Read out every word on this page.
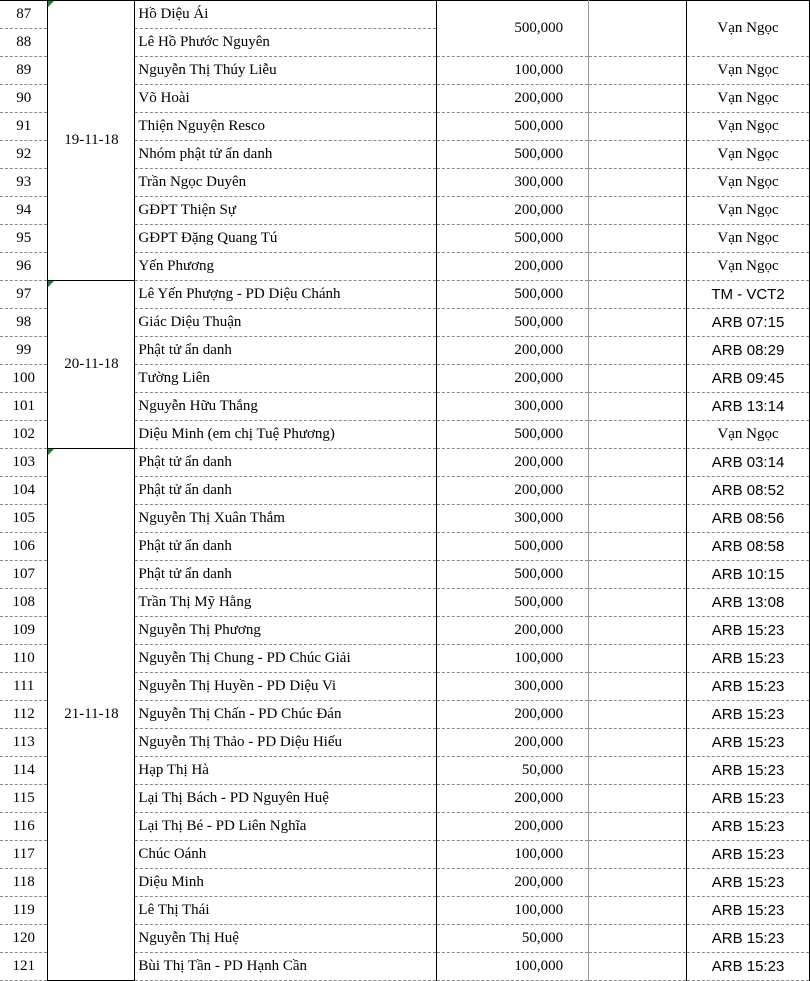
87	19-11-18	Hồ Diệu Ái	500,000		Vạn Ngọc
88		Lê Hồ Phước Nguyên			
89		Nguyễn Thị Thúy Liễu	100,000		Vạn Ngọc
90		Võ Hoài	200,000		Vạn Ngọc
91		Thiện Nguyện Resco	500,000		Vạn Ngọc
92		Nhóm phật tử ẩn danh	500,000		Vạn Ngọc
93		Trần Ngọc Duyên	300,000		Vạn Ngọc
94		GĐPT Thiện Sự	200,000		Vạn Ngọc
95		GĐPT Đặng Quang Tú	500,000		Vạn Ngọc
96		Yến Phương	200,000		Vạn Ngọc
97	20-11-18	Lê Yến Phượng - PD Diệu Chánh	500,000		TM - VCT2
98		Giác Diệu Thuận	500,000		ARB 07:15
99		Phật tử ẩn danh	200,000		ARB 08:29
100		Tường Liên	200,000		ARB 09:45
101		Nguyễn Hữu Thắng	300,000		ARB 13:14
102		Diệu Minh (em chị Tuệ Phương)	500,000		Vạn Ngọc
103	21-11-18	Phật tử ẩn danh	200,000		ARB 03:14
104		Phật tử ẩn danh	200,000		ARB 08:52
105		Nguyễn Thị Xuân Thắm	300,000		ARB 08:56
106		Phật tử ẩn danh	500,000		ARB 08:58
107		Phật tử ẩn danh	500,000		ARB 10:15
108		Trần Thị Mỹ Hằng	500,000		ARB 13:08
109		Nguyễn Thị Phương	200,000		ARB 15:23
110		Nguyễn Thị Chung - PD Chúc Giải	100,000		ARB 15:23
111		Nguyễn Thị Huyền - PD Diệu Vi	300,000		ARB 15:23
112		Nguyễn Thị Chấn - PD Chúc Đán	200,000		ARB 15:23
113		Nguyễn Thị Thảo - PD Diệu Hiếu	200,000		ARB 15:23
114		Hạp Thị Hà	50,000		ARB 15:23
115		Lại Thị Bách - PD Nguyên Huệ	200,000		ARB 15:23
116		Lại Thị Bé - PD Liên Nghĩa	200,000		ARB 15:23
117		Chúc Oánh	100,000		ARB 15:23
118		Diệu Minh	200,000		ARB 15:23
119		Lê Thị Thái	100,000		ARB 15:23
120		Nguyễn Thị Huệ	50,000		ARB 15:23
121		Bùi Thị Tần - PD Hạnh Cần	100,000		ARB 15:23
